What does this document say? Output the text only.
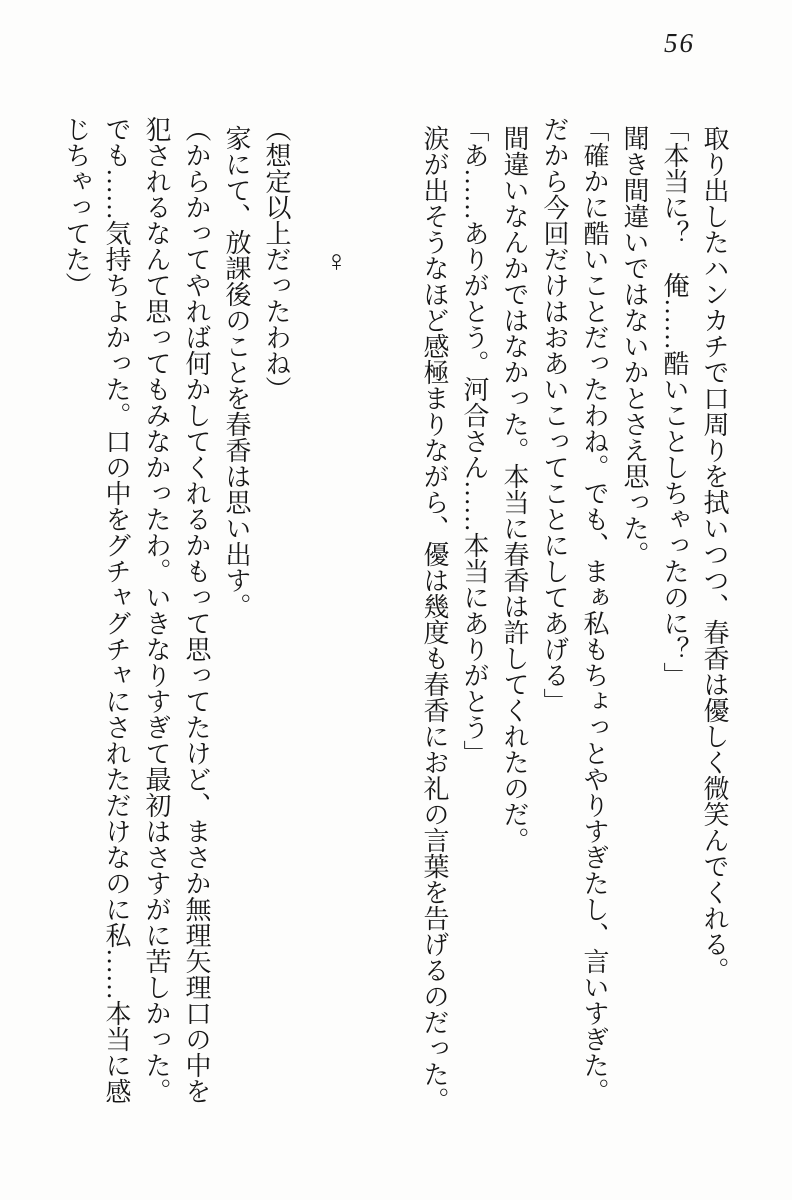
56

取り出したハンカチで口周りを拭いつつ、春香は優しく微笑んでくれる。

「本当に？　俺……酷いことしちゃったのに？」

聞き間違いではないかとさえ思った。

「確かに酷いことだったわね。でも、まぁ私もちょっとやりすぎたし、言いすぎた。だから今回だけはおあいこってことにしてあげる」

間違いなんかではなかった。本当に春香は許してくれたのだ。

「あ……ありがとう。河合さん……本当にありがとう」

涙が出そうなほど感極まりながら、優は幾度も春香にお礼の言葉を告げるのだった。

♀

（想定以上だったわね）

家にて、放課後のことを春香は思い出す。

（からかってやれば何かしてくれるかもって思ってたけど、まさか無理矢理口の中を犯されるなんて思ってもみなかったわ。いきなりすぎて最初はさすがに苦しかった。でも……気持ちよかった。口の中をグチャグチャにされただけなのに私……本当に感じちゃってた）
